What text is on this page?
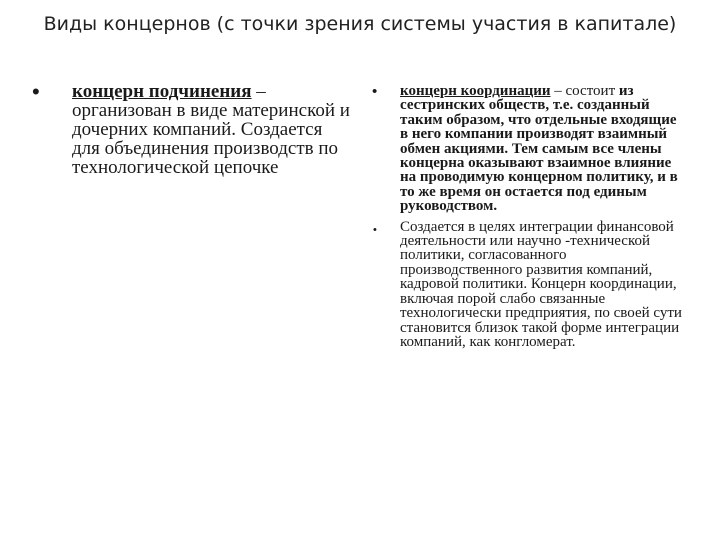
Виды концернов (с точки зрения системы участия в капитале)
• концерн подчинения – организован в виде материнской и дочерних компаний. Создается для объединения производств по технологической цепочке
• концерн координации – состоит из сестринских обществ, т.е. созданный таким образом, что отдельные входящие в него компании производят взаимный обмен акциями. Тем самым все члены концерна оказывают взаимное влияние на проводимую концерном политику, и в то же время он остается под единым руководством.
• Создается в целях интеграции финансовой деятельности или научно -технической политики, согласованного производственного развития компаний, кадровой политики. Концерн координации, включая порой слабо связанные технологически предприятия, по своей сути становится близок такой форме интеграции компаний, как конгломерат.
